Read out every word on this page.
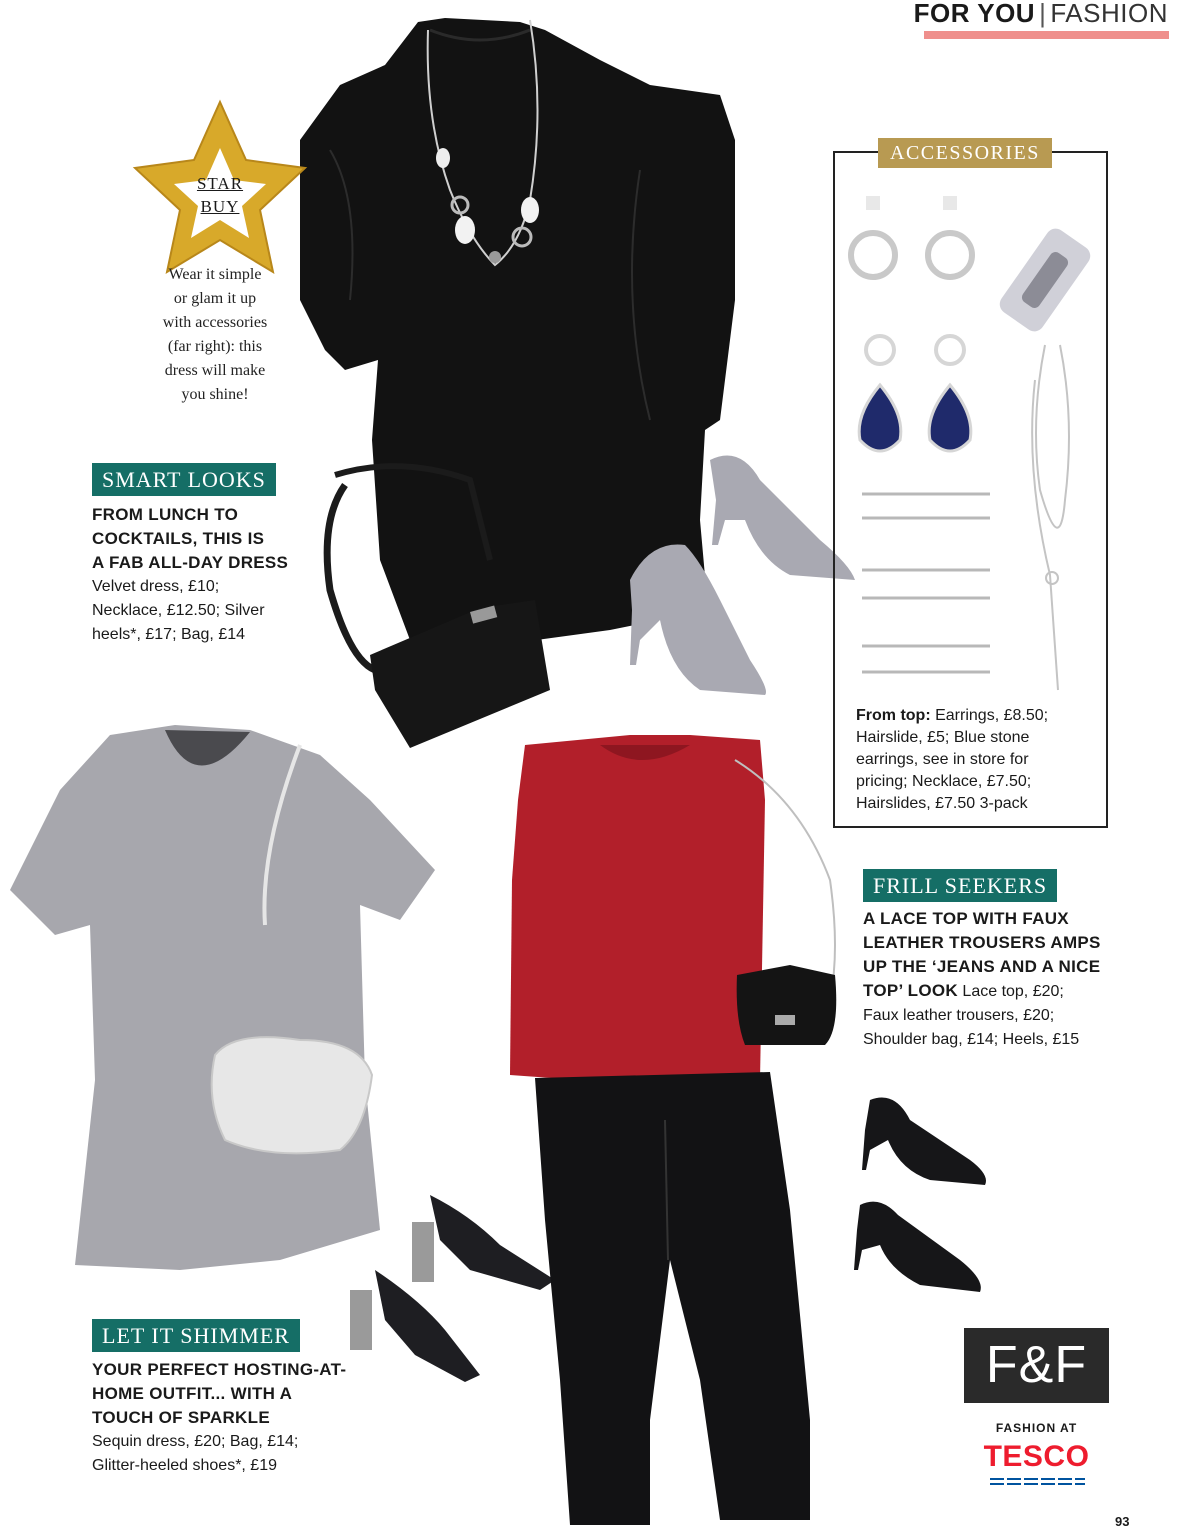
FOR YOU | FASHION
STAR
BUY
Wear it simple
or glam it up
with accessories
(far right): this
dress will make
you shine!
SMART LOOKS
FROM LUNCH TO
COCKTAILS, THIS IS
A FAB ALL-DAY DRESS
Velvet dress, £10;
Necklace, £12.50; Silver
heels*, £17; Bag, £14
ACCESSORIES
From top: Earrings, £8.50;
Hairslide, £5; Blue stone
earrings, see in store for
pricing; Necklace, £7.50;
Hairslides, £7.50 3-pack
FRILL SEEKERS
A LACE TOP WITH FAUX
LEATHER TROUSERS AMPS
UP THE ‘JEANS AND A NICE
TOP’ LOOK Lace top, £20;
Faux leather trousers, £20;
Shoulder bag, £14; Heels, £15
LET IT SHIMMER
YOUR PERFECT HOSTING-AT-
HOME OUTFIT... WITH A
TOUCH OF SPARKLE
Sequin dress, £20; Bag, £14;
Glitter-heeled shoes*, £19
F&F
FASHION AT
TESCO
93
